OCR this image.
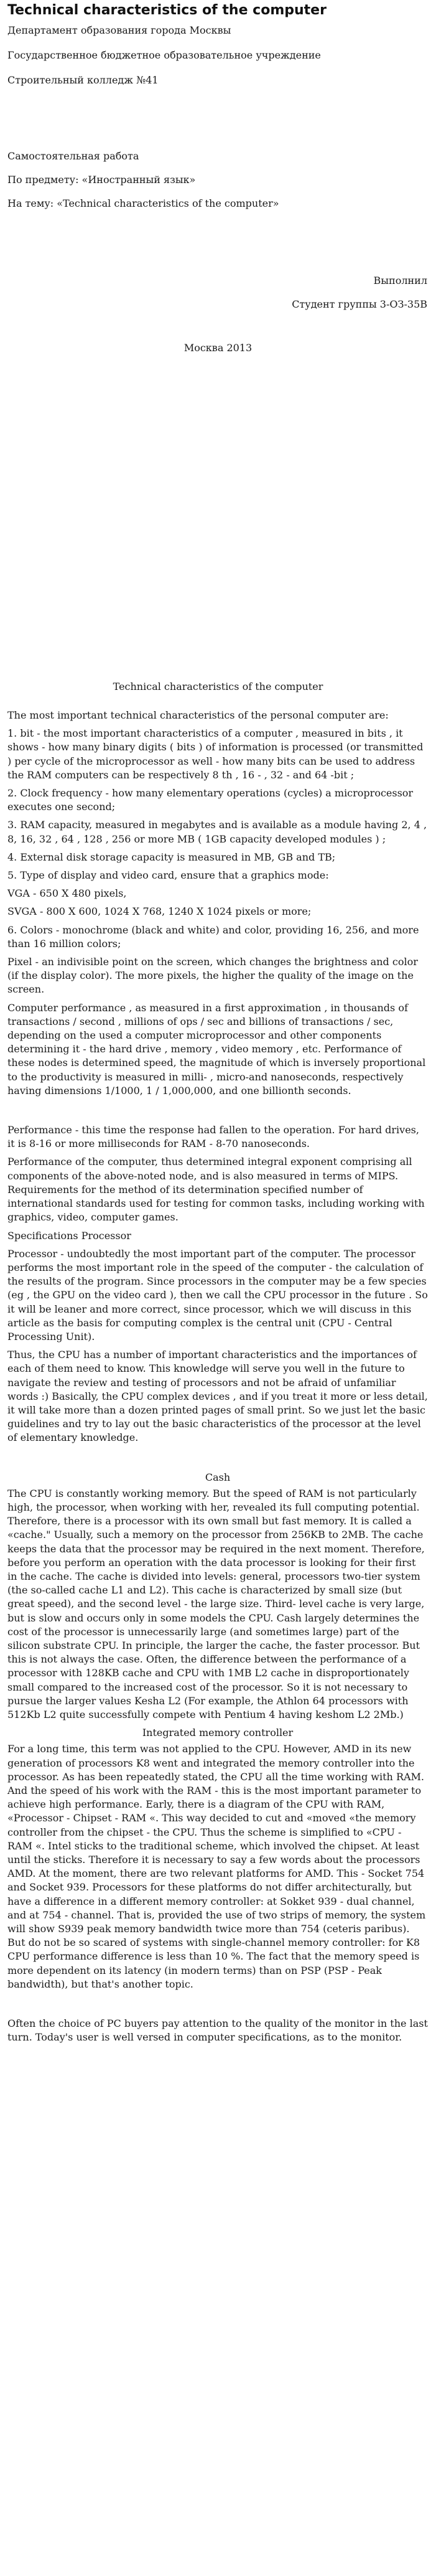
Technical characteristics of the computer

Департамент образования города Москвы

Государственное бюджетное образовательное учреждение

Строительный колледж №41

Самостоятельная работа

По предмету: «Иностранный язык»

На тему: «Technical characteristics of the computer»

Выполнил

Студент группы 3-ОЗ-35В

Москва 2013

Technical characteristics of the computer

The most important technical characteristics of the personal computer are:

1. bit - the most important characteristics of a computer , measured in bits , it shows - how many binary digits ( bits ) of information is processed (or transmitted ) per cycle of the microprocessor as well - how many bits can be used to address the RAM computers can be respectively 8 th , 16 - , 32 - and 64 -bit ;

2. Clock frequency - how many elementary operations (cycles) a microprocessor executes one second;

3. RAM capacity, measured in megabytes and is available as a module having 2, 4 , 8, 16, 32 , 64 , 128 , 256 or more MB ( 1GB capacity developed modules ) ;

4. External disk storage capacity is measured in MB, GB and TB;

5. Type of display and video card, ensure that a graphics mode:

VGA - 650 X 480 pixels,

SVGA - 800 X 600, 1024 X 768, 1240 X 1024 pixels or more;

6. Colors - monochrome (black and white) and color, providing 16, 256, and more than 16 million colors;

Pixel - an indivisible point on the screen, which changes the brightness and color (if the display color). The more pixels, the higher the quality of the image on the screen.

Computer performance , as measured in a first approximation , in thousands of transactions / second , millions of ops / sec and billions of transactions / sec, depending on the used a computer microprocessor and other components determining it - the hard drive , memory , video memory , etc. Performance of these nodes is determined speed, the magnitude of which is inversely proportional to the productivity is measured in milli- , micro-and nanoseconds, respectively having dimensions 1/1000, 1 / 1,000,000, and one billionth seconds.

Performance - this time the response had fallen to the operation. For hard drives, it is 8-16 or more milliseconds for RAM - 8-70 nanoseconds.

Performance of the computer, thus determined integral exponent comprising all components of the above-noted node, and is also measured in terms of MIPS. Requirements for the method of its determination specified number of international standards used for testing for common tasks, including working with graphics, video, computer games.

Specifications Processor

Processor - undoubtedly the most important part of the computer. The processor performs the most important role in the speed of the computer - the calculation of the results of the program. Since processors in the computer may be a few species (eg , the GPU on the video card ), then we call the CPU processor in the future . So it will be leaner and more correct, since processor, which we will discuss in this article as the basis for computing complex is the central unit (CPU - Central Processing Unit).

Thus, the CPU has a number of important characteristics and the importances of each of them need to know. This knowledge will serve you well in the future to navigate the review and testing of processors and not be afraid of unfamiliar words :) Basically, the CPU complex devices , and if you treat it more or less detail, it will take more than a dozen printed pages of small print. So we just let the basic guidelines and try to lay out the basic characteristics of the processor at the level of elementary knowledge.

Cash

The CPU is constantly working memory. But the speed of RAM is not particularly high, the processor, when working with her, revealed its full computing potential. Therefore, there is a processor with its own small but fast memory. It is called a «cache." Usually, such a memory on the processor from 256KB to 2MB. The cache keeps the data that the processor may be required in the next moment. Therefore, before you perform an operation with the data processor is looking for their first in the cache. The cache is divided into levels: general, processors two-tier system (the so-called cache L1 and L2). This cache is characterized by small size (but great speed), and the second level - the large size. Third- level cache is very large, but is slow and occurs only in some models the CPU. Cash largely determines the cost of the processor is unnecessarily large (and sometimes large) part of the silicon substrate CPU. In principle, the larger the cache, the faster processor. But this is not always the case. Often, the difference between the performance of a processor with 128KB cache and CPU with 1MB L2 cache in disproportionately small compared to the increased cost of the processor. So it is not necessary to pursue the larger values Kesha L2 (For example, the Athlon 64 processors with 512Kb L2 quite successfully compete with Pentium 4 having keshom L2 2Mb.)

Integrated memory controller

For a long time, this term was not applied to the CPU. However, AMD in its new generation of processors K8 went and integrated the memory controller into the processor. As has been repeatedly stated, the CPU all the time working with RAM. And the speed of his work with the RAM - this is the most important parameter to achieve high performance. Early, there is a diagram of the CPU with RAM, «Processor - Chipset - RAM «. This way decided to cut and «moved «the memory controller from the chipset - the CPU. Thus the scheme is simplified to «CPU - RAM «. Intel sticks to the traditional scheme, which involved the chipset. At least until the sticks. Therefore it is necessary to say a few words about the processors AMD. At the moment, there are two relevant platforms for AMD. This - Socket 754 and Socket 939. Processors for these platforms do not differ architecturally, but have a difference in a different memory controller: at Sokket 939 - dual channel, and at 754 - channel. That is, provided the use of two strips of memory, the system will show S939 peak memory bandwidth twice more than 754 (ceteris paribus). But do not be so scared of systems with single-channel memory controller: for K8 CPU performance difference is less than 10 %. The fact that the memory speed is more dependent on its latency (in modern terms) than on PSP (PSP - Peak bandwidth), but that's another topic.

Often the choice of PC buyers pay attention to the quality of the monitor in the last turn. Today's user is well versed in computer specifications, as to the monitor.
